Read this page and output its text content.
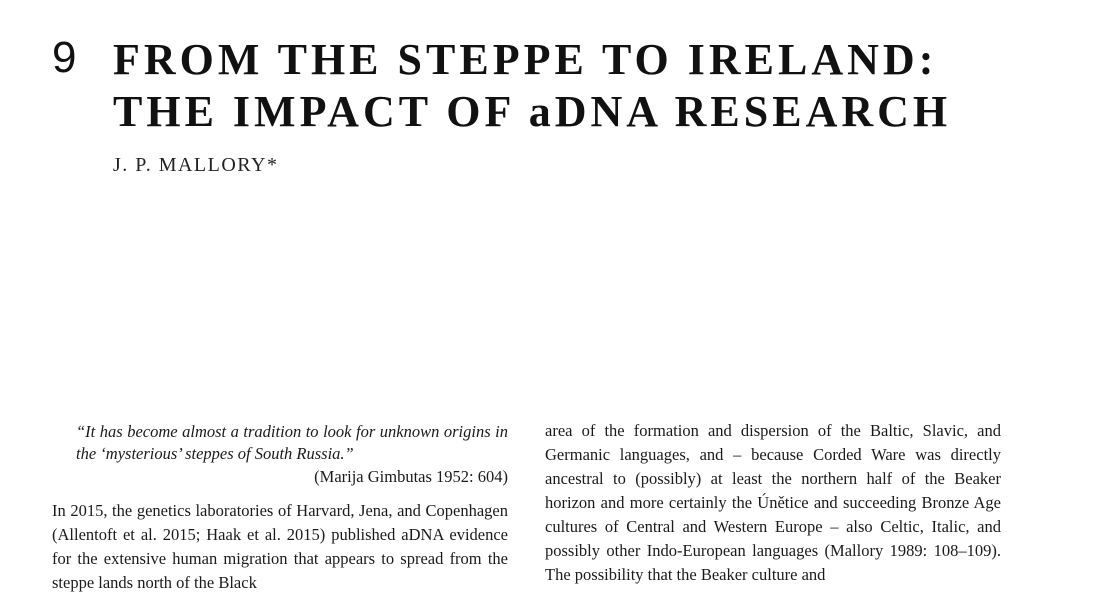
9 FROM THE STEPPE TO IRELAND:
THE IMPACT OF aDNA RESEARCH
J. P. MALLORY*
“It has become almost a tradition to look for unknown origins in the ‘mysterious’ steppes of South Russia.”
(Marija Gimbutas 1952: 604)
In 2015, the genetics laboratories of Harvard, Jena, and Copenhagen (Allentoft et al. 2015; Haak et al. 2015) published aDNA evidence for the extensive human migration that appears to spread from the steppe lands north of the Black
area of the formation and dispersion of the Baltic, Slavic, and Germanic languages, and – because Corded Ware was directly ancestral to (possibly) at least the northern half of the Beaker horizon and more certainly the Únětice and succeeding Bronze Age cultures of Central and Western Europe – also Celtic, Italic, and possibly other Indo-European languages (Mallory 1989: 108–109). The possibility that the Beaker culture and
